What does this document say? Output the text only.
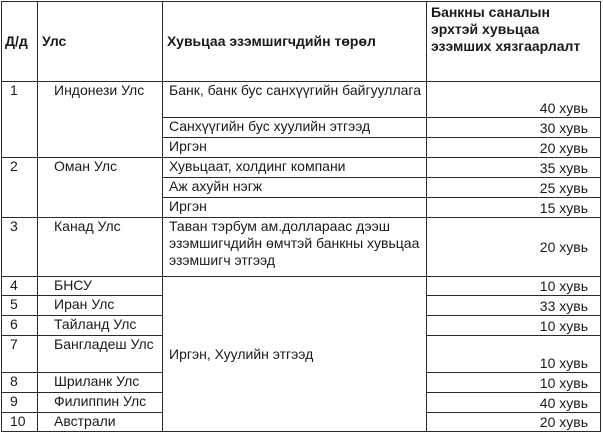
Д/д	Улс	Хувьцаа эзэмшигчдийн төрөл	Банкны саналын эрхтэй хувьцаа эзэмших хязгаарлалт
1	Индонези Улс	Банк, банк бус санхүүгийн байгууллага	40 хувь
		Санхүүгийн бус хуулийн этгээд	30 хувь
		Иргэн	20 хувь
2	Оман Улс	Хувьцаат, холдинг компани	35 хувь
		Аж ахуйн нэгж	25 хувь
		Иргэн	15 хувь
3	Канад Улс	Таван тэрбум ам.доллараас дээш эзэмшигчдийн өмчтэй банкны хувьцаа эзэмшигч этгээд	20 хувь
4	БНСУ	Иргэн, Хуулийн этгээд	10 хувь
5	Иран Улс		33 хувь
6	Тайланд Улс		10 хувь
7	Бангладеш Улс		10 хувь
8	Шриланк Улс		10 хувь
9	Филиппин Улс		40 хувь
10	Австрали		20 хувь
